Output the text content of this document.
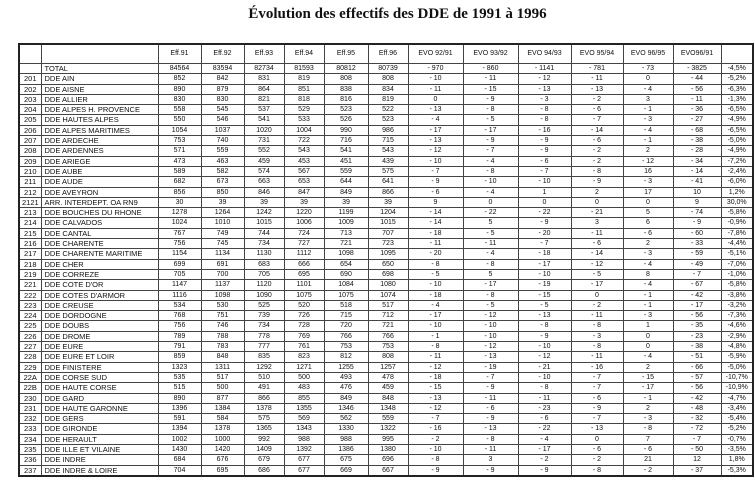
Évolution des effectifs des DDE de 1991 à 1996
		Eff.91	Eff.92	Eff.93	Eff.94	Eff.95	Eff.96	EVO 92/91	EVO 93/92	EVO 94/93	EVO 95/94	EVO 96/95	EVO96/91	
	TOTAL	84564	83594	82734	81593	80812	80739	- 970	- 860	- 1141	- 781	- 73	- 3825	-4,5%
201	DDE AIN	852	842	831	819	808	808	- 10	- 11	- 12	- 11	0	- 44	-5,2%
202	DDE AISNE	890	879	864	851	838	834	- 11	- 15	- 13	- 13	- 4	- 56	-6,3%
203	DDE ALLIER	830	830	821	818	816	819	0	- 9	- 3	- 2	3	- 11	-1,3%
204	DDE ALPES H. PROVENCE	558	545	537	529	523	522	- 13	- 8	- 8	- 6	- 1	- 36	-6,5%
205	DDE HAUTES ALPES	550	546	541	533	526	523	- 4	- 5	- 8	- 7	- 3	- 27	-4,9%
206	DDE ALPES MARITIMES	1054	1037	1020	1004	990	986	- 17	- 17	- 16	- 14	- 4	- 68	-6,5%
207	DDE ARDECHE	753	740	731	722	716	715	- 13	- 9	- 9	- 6	- 1	- 38	-5,0%
208	DDE ARDENNES	571	559	552	543	541	543	- 12	- 7	- 9	- 2	2	- 28	-4,9%
209	DDE ARIEGE	473	463	459	453	451	439	- 10	- 4	- 6	- 2	- 12	- 34	-7,2%
210	DDE AUBE	589	582	574	567	559	575	- 7	- 8	- 7	- 8	16	- 14	-2,4%
211	DDE AUDE	682	673	663	653	644	641	- 9	- 10	- 10	- 9	- 3	- 41	-6,0%
212	DDE AVEYRON	856	850	846	847	849	866	- 6	- 4	1	2	17	10	1,2%
2121	ARR. INTERDEPT. OA RN9	30	39	39	39	39	39	9	0	0	0	0	9	30,0%
213	DDE BOUCHES DU RHONE	1278	1264	1242	1220	1199	1204	- 14	- 22	- 22	- 21	5	- 74	-5,8%
214	DDE CALVADOS	1024	1010	1015	1006	1009	1015	- 14	5	- 9	3	6	- 9	-0,9%
215	DDE CANTAL	767	749	744	724	713	707	- 18	- 5	- 20	- 11	- 6	- 60	-7,8%
216	DDE CHARENTE	756	745	734	727	721	723	- 11	- 11	- 7	- 6	2	- 33	-4,4%
217	DDE CHARENTE MARITIME	1154	1134	1130	1112	1098	1095	- 20	- 4	- 18	- 14	- 3	- 59	-5,1%
218	DDE CHER	699	691	683	666	654	650	- 8	- 8	- 17	- 12	- 4	- 49	-7,0%
219	DDE CORREZE	705	700	705	695	690	698	- 5	5	- 10	- 5	8	- 7	-1,0%
221	DDE COTE D'OR	1147	1137	1120	1101	1084	1080	- 10	- 17	- 19	- 17	- 4	- 67	-5,8%
222	DDE COTES D'ARMOR	1116	1098	1090	1075	1075	1074	- 18	- 8	- 15	0	- 1	- 42	-3,8%
223	DDE CREUSE	534	530	525	520	518	517	- 4	- 5	- 5	- 2	- 1	- 17	-3,2%
224	DDE DORDOGNE	768	751	739	726	715	712	- 17	- 12	- 13	- 11	- 3	- 56	-7,3%
225	DDE DOUBS	756	746	734	728	720	721	- 10	- 10	- 8	- 8	1	- 35	-4,6%
226	DDE DROME	789	788	778	769	766	766	- 1	- 10	- 9	- 3	0	- 23	-2,9%
227	DDE EURE	791	783	777	761	753	753	- 8	- 12	- 10	- 8	0	- 38	-4,8%
228	DDE EURE ET LOIR	859	848	835	823	812	808	- 11	- 13	- 12	- 11	- 4	- 51	-5,9%
229	DDE FINISTERE	1323	1311	1292	1271	1255	1257	- 12	- 19	- 21	- 16	2	- 66	-5,0%
22A	DDE CORSE SUD	535	517	510	500	493	478	- 18	- 7	- 10	- 7	- 15	- 57	-10,7%
22B	DDE HAUTE CORSE	515	500	491	483	476	459	- 15	- 9	- 8	- 7	- 17	- 56	-10,9%
230	DDE GARD	890	877	866	855	849	848	- 13	- 11	- 11	- 6	- 1	- 42	-4,7%
231	DDE HAUTE GARONNE	1396	1384	1378	1355	1346	1348	- 12	- 6	- 23	- 9	2	- 48	-3,4%
232	DDE GERS	591	584	575	569	562	559	- 7	- 9	- 6	- 7	- 3	- 32	-5,4%
233	DDE GIRONDE	1394	1378	1365	1343	1330	1322	- 16	- 13	- 22	- 13	- 8	- 72	-5,2%
234	DDE HERAULT	1002	1000	992	988	988	995	- 2	- 8	- 4	0	7	- 7	-0,7%
235	DDE ILLE ET VILAINE	1430	1420	1409	1392	1386	1380	- 10	- 11	- 17	- 6	- 6	- 50	-3,5%
236	DDE INDRE	684	676	679	677	675	696	- 8	3	- 2	- 2	21	12	1,8%
237	DDE INDRE & LOIRE	704	695	686	677	669	667	- 9	- 9	- 9	- 8	- 2	- 37	-5,3%
